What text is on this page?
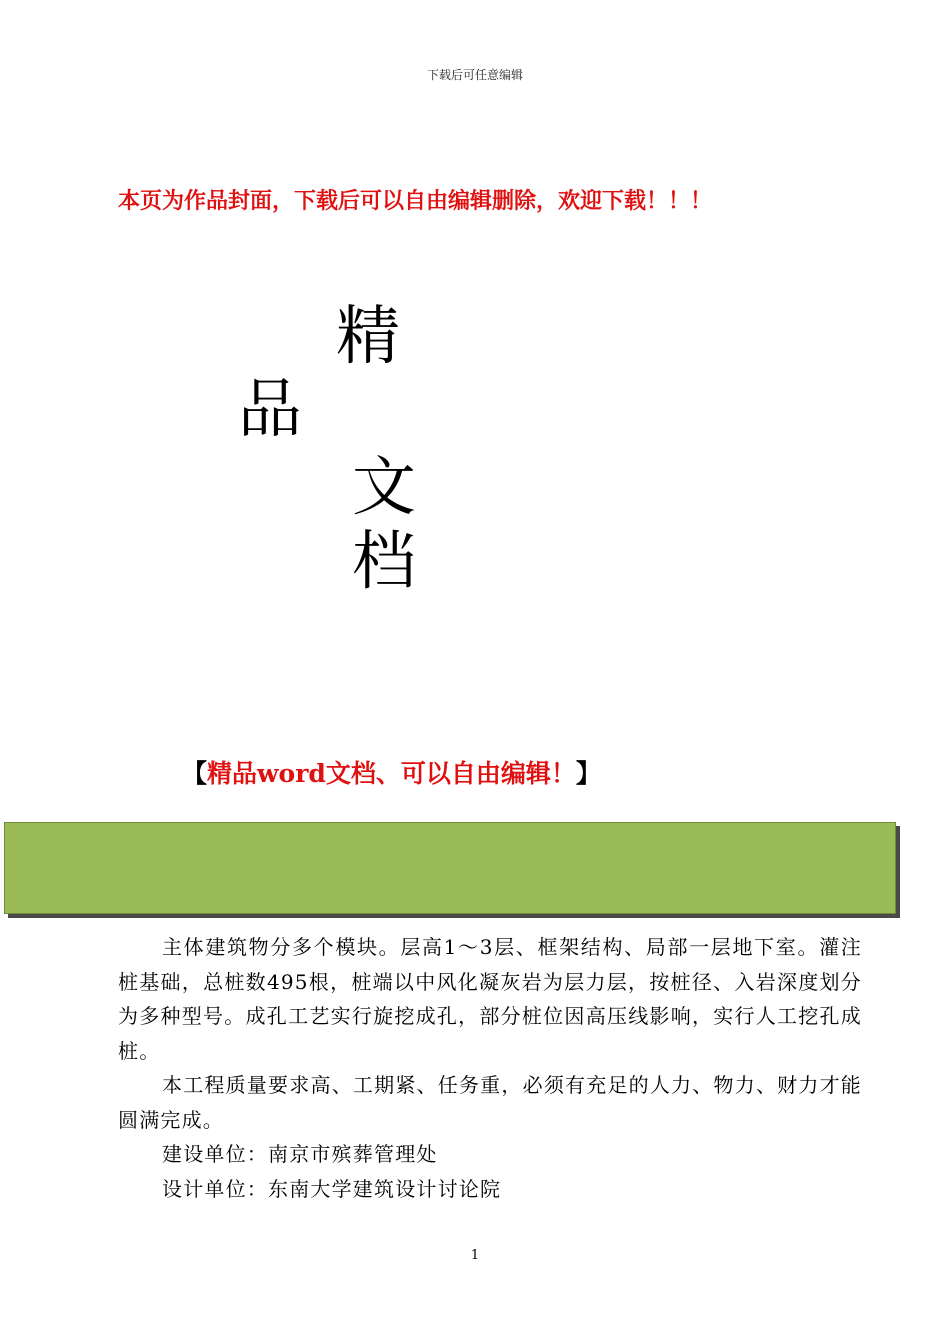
下载后可任意编辑
本页为作品封面，下载后可以自由编辑删除，欢迎下载！！！
精
品
文
档
【精品word文档、可以自由编辑！】

主体建筑物分多个模块。层高1～3层、框架结构、局部一层地下室。灌注桩基础，总桩数495根，桩端以中风化凝灰岩为层力层，按桩径、入岩深度划分为多种型号。成孔工艺实行旋挖成孔，部分桩位因高压线影响，实行人工挖孔成桩。

本工程质量要求高、工期紧、任务重，必须有充足的人力、物力、财力才能圆满完成。

建设单位：南京市殡葬管理处

设计单位：东南大学建筑设计讨论院

1
